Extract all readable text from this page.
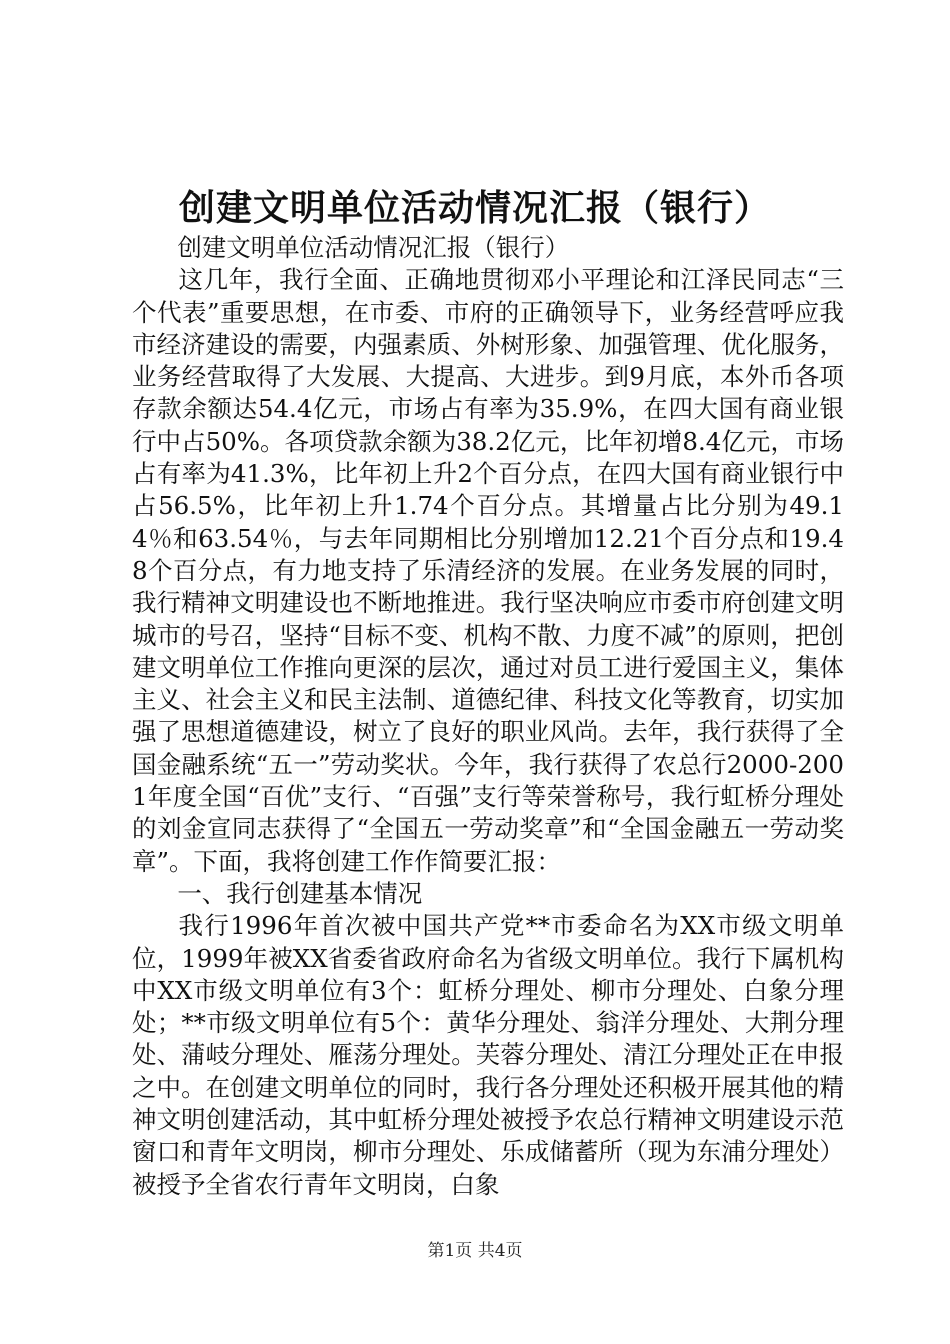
创建文明单位活动情况汇报（银行）

创建文明单位活动情况汇报（银行）

这几年，我行全面、正确地贯彻邓小平理论和江泽民同志“三个代表”重要思想，在市委、市府的正确领导下，业务经营呼应我市经济建设的需要，内强素质、外树形象、加强管理、优化服务，业务经营取得了大发展、大提高、大进步。到9月底，本外币各项存款余额达54.4亿元，市场占有率为35.9%，在四大国有商业银行中占50%。各项贷款余额为38.2亿元，比年初增8.4亿元，市场占有率为41.3%，比年初上升2个百分点，在四大国有商业银行中占56.5%，比年初上升1.74个百分点。其增量占比分别为49.14％和63.54％，与去年同期相比分别增加12.21个百分点和19.48个百分点，有力地支持了乐清经济的发展。在业务发展的同时，我行精神文明建设也不断地推进。我行坚决响应市委市府创建文明城市的号召，坚持“目标不变、机构不散、力度不减”的原则，把创建文明单位工作推向更深的层次，通过对员工进行爱国主义，集体主义、社会主义和民主法制、道德纪律、科技文化等教育，切实加强了思想道德建设，树立了良好的职业风尚。去年，我行获得了全国金融系统“五一”劳动奖状。今年，我行获得了农总行2000-2001年度全国“百优”支行、“百强”支行等荣誉称号，我行虹桥分理处的刘金宣同志获得了“全国五一劳动奖章”和“全国金融五一劳动奖章”。下面，我将创建工作作简要汇报：

一、我行创建基本情况

我行1996年首次被中国共产党**市委命名为XX市级文明单位，1999年被XX省委省政府命名为省级文明单位。我行下属机构中XX市级文明单位有3个：虹桥分理处、柳市分理处、白象分理处；**市级文明单位有5个：黄华分理处、翁洋分理处、大荆分理处、蒲岐分理处、雁荡分理处。芙蓉分理处、清江分理处正在申报之中。在创建文明单位的同时，我行各分理处还积极开展其他的精神文明创建活动，其中虹桥分理处被授予农总行精神文明建设示范窗口和青年文明岗，柳市分理处、乐成储蓄所（现为东浦分理处）被授予全省农行青年文明岗，白象

第1页 共4页
